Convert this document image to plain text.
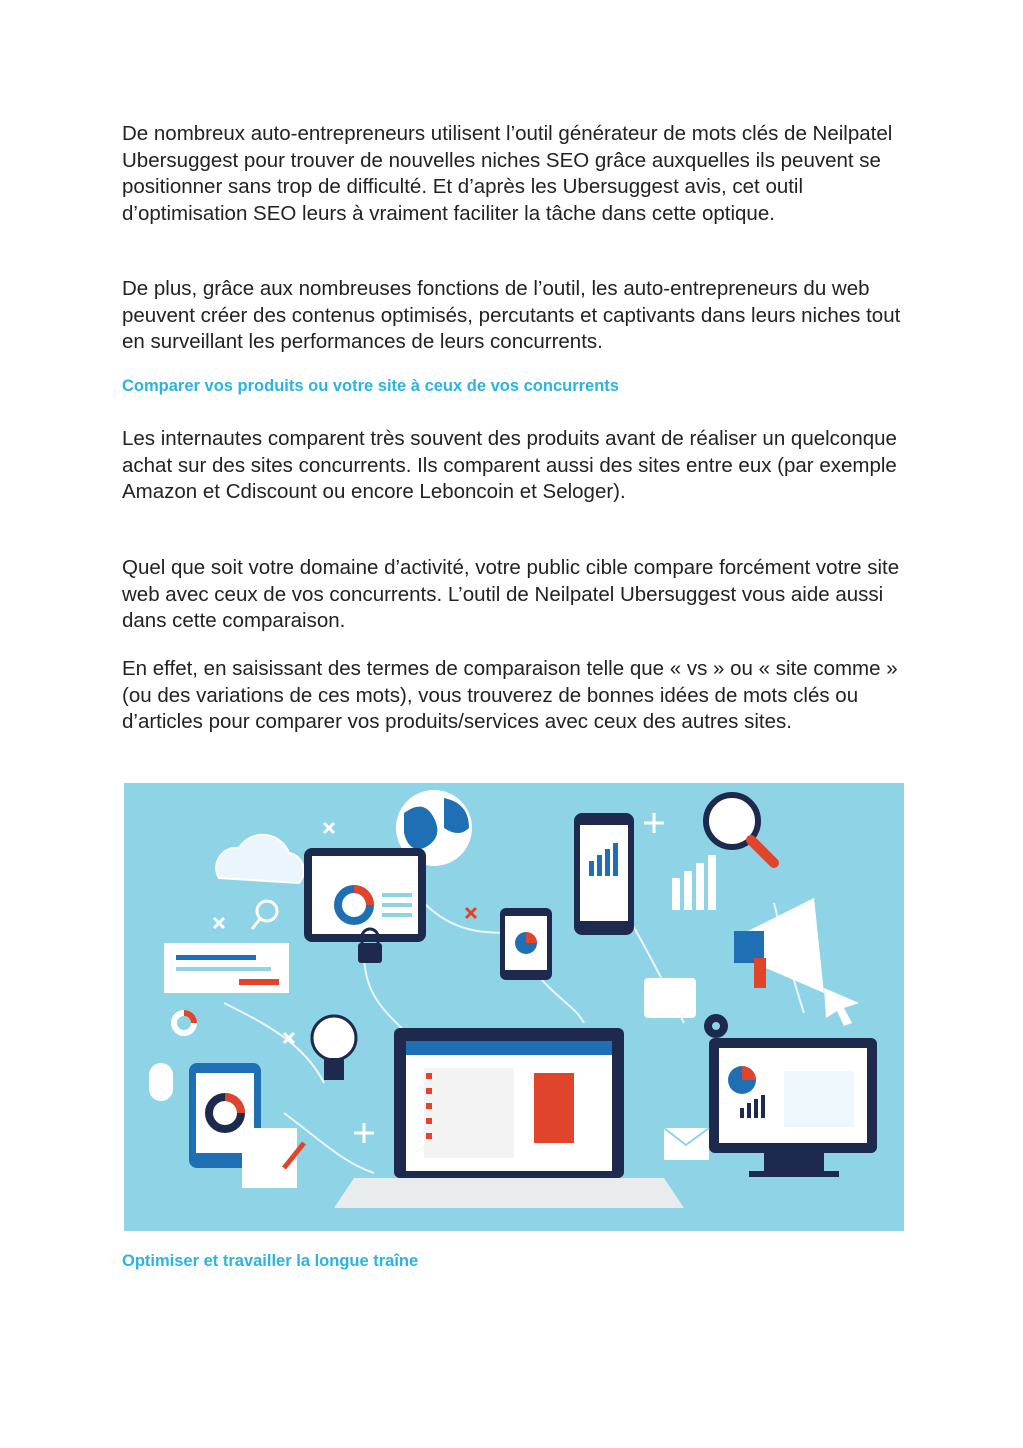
De nombreux auto-entrepreneurs utilisent l’outil générateur de mots clés de Neilpatel Ubersuggest pour trouver de nouvelles niches SEO grâce auxquelles ils peuvent se positionner sans trop de difficulté. Et d’après les Ubersuggest avis, cet outil d’optimisation SEO leurs à vraiment faciliter la tâche dans cette optique.

De plus, grâce aux nombreuses fonctions de l’outil, les auto-entrepreneurs du web peuvent créer des contenus optimisés, percutants et captivants dans leurs niches tout en surveillant les performances de leurs concurrents.

Comparer vos produits ou votre site à ceux de vos concurrents

Les internautes comparent très souvent des produits avant de réaliser un quelconque achat sur des sites concurrents. Ils comparent aussi des sites entre eux (par exemple Amazon et Cdiscount ou encore Leboncoin et Seloger).

Quel que soit votre domaine d’activité, votre public cible compare forcément votre site web avec ceux de vos concurrents. L’outil de Neilpatel Ubersuggest vous aide aussi dans cette comparaison.

En effet, en saisissant des termes de comparaison telle que « vs » ou « site comme » (ou des variations de ces mots), vous trouverez de bonnes idées de mots clés ou d’articles pour comparer vos produits/services avec ceux des autres sites.

Optimiser et travailler la longue traîne
